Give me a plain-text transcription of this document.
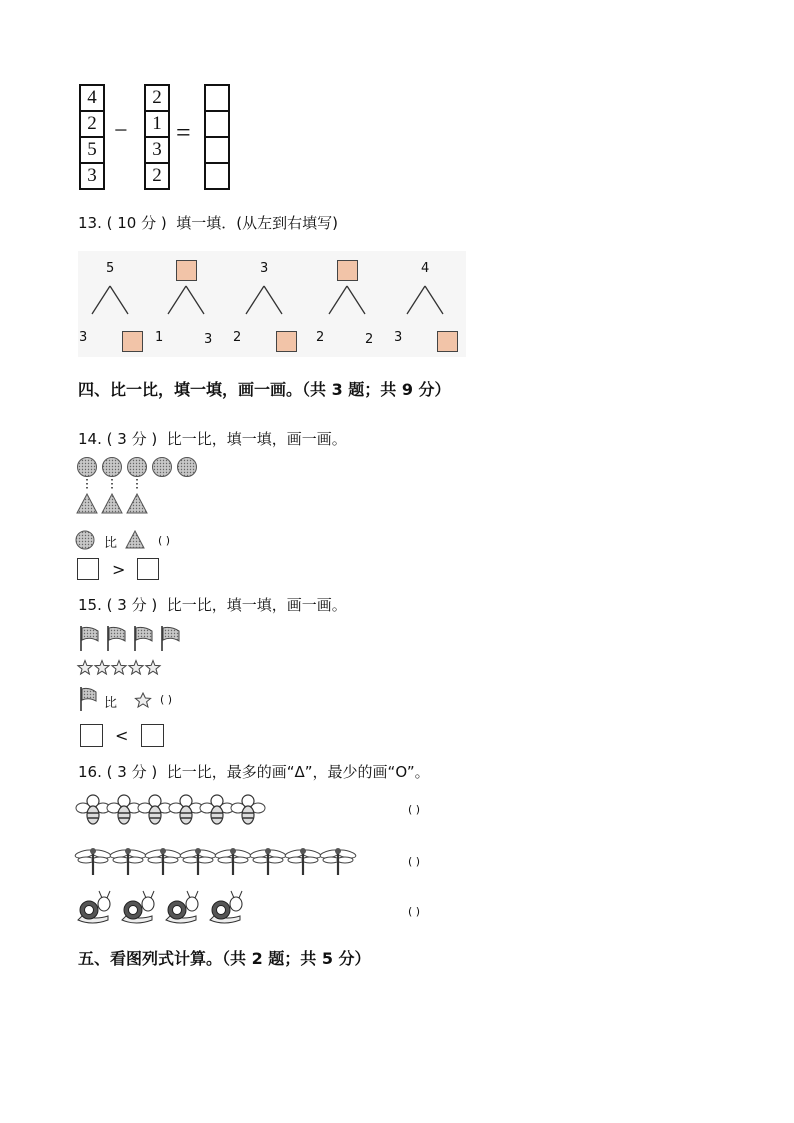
4
2
5
3
−
2
1
3
2
=
13. ( 10 分 ) 填一填．(从左到右填写)
5
3	1	3
3
2	2	2
4
3
四、比一比，填一填，画一画。（共 3 题；共 9 分）
14. ( 3 分 ) 比一比，填一填，画一画。
比	( )
>
15. ( 3 分 ) 比一比，填一填，画一画。
比	( )
<
16. ( 3 分 ) 比一比，最多的画“Δ”，最少的画“O”。
( )
( )
( )
五、看图列式计算。（共 2 题；共 5 分）
